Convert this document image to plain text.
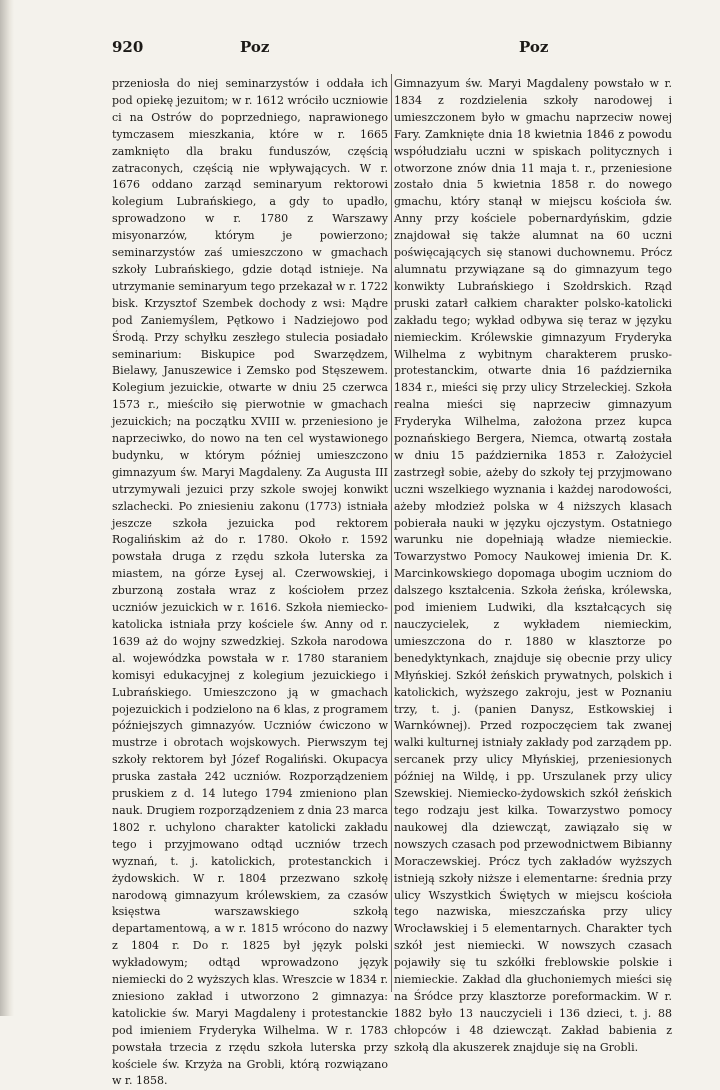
920	Poz	Poz

przeniosła do niej seminarzystów i oddała ich pod opiekę jezuitom; w r. 1612 wróciło uczniowie ci na Ostrów do poprzedniego, naprawionego tymczasem mieszkania, które w r. 1665 zamknięto dla braku funduszów, częścią zatraconych, częścią nie wpływających. W r. 1676 oddano zarząd seminaryum rektorowi kolegium Lubrańskiego, a gdy to upadło, sprowadzono w r. 1780 z Warszawy misyonarzów, którym je powierzono; seminarzystów zaś umieszczono w gmachach szkoły Lubrańskiego, gdzie dotąd istnieje. Na utrzymanie seminaryum tego przekazał w r. 1722 bisk. Krzysztof Szembek dochody z wsi: Mądre pod Zaniemyślem, Pętkowo i Nadziejowo pod Środą. Przy schyłku zeszłego stulecia posiadało seminarium: Biskupice pod Swarzędzem, Bielawy, Januszewice i Zemsko pod Stęszewem. Kolegium jezuickie, otwarte w dniu 25 czerwca 1573 r., mieściło się pierwotnie w gmachach jezuickich; na początku XVIII w. przeniesiono je naprzeciwko, do nowo na ten cel wystawionego budynku, w którym później umieszczono gimnazyum św. Maryi Magdaleny. Za Augusta III utrzymywali jezuici przy szkole swojej konwikt szlachecki. Po zniesieniu zakonu (1773) istniała jeszcze szkoła jezuicka pod rektorem Rogalińskim aż do r. 1780. Około r. 1592 powstała druga z rzędu szkoła luterska za miastem, na górze Łysej al. Czerwowskiej, i zburzoną została wraz z kościołem przez uczniów jezuickich w r. 1616. Szkoła niemiecko-katolicka istniała przy kościele św. Anny od r. 1639 aż do wojny szwedzkiej. Szkoła narodowa al. wojewódzka powstała w r. 1780 staraniem komisyi edukacyjnej z kolegium jezuickiego i Lubrańskiego. Umieszczono ją w gmachach pojezuickich i podzielono na 6 klas, z programem późniejszych gimnazyów. Uczniów ćwiczono w mustrze i obrotach wojskowych. Pierwszym tej szkoły rektorem był Józef Rogaliński. Okupacya pruska zastała 242 uczniów. Rozporządzeniem pruskiem z d. 14 lutego 1794 zmieniono plan nauk. Drugiem rozporządzeniem z dnia 23 marca 1802 r. uchylono charakter katolicki zakładu tego i przyjmowano odtąd uczniów trzech wyznań, t. j. katolickich, protestanckich i żydowskich. W r. 1804 przezwano szkołę narodową gimnazyum królewskiem, za czasów księstwa warszawskiego szkołą departamentową, a w r. 1815 wrócono do nazwy z 1804 r. Do r. 1825 był język polski wykładowym; odtąd wprowadzono język niemiecki do 2 wyższych klas. Wreszcie w 1834 r. zniesiono zakład i utworzono 2 gimnazya: katolickie św. Maryi Magdaleny i protestanckie pod imieniem Fryderyka Wilhelma. W r. 1783 powstała trzecia z rzędu szkoła luterska przy kościele św. Krzyża na Grobli, którą rozwiązano w r. 1858.

Gimnazyum św. Maryi Magdaleny powstało w r. 1834 z rozdzielenia szkoły narodowej i umieszczonem było w gmachu naprzeciw nowej Fary. Zamknięte dnia 18 kwietnia 1846 z powodu współudziału uczni w spiskach politycznych i otworzone znów dnia 11 maja t. r., przeniesione zostało dnia 5 kwietnia 1858 r. do nowego gmachu, który stanął w miejscu kościoła św. Anny przy kościele pobernardyńskim, gdzie znajdował się także alumnat na 60 uczni poświęcających się stanowi duchownemu. Prócz alumnatu przywiązane są do gimnazyum tego konwikty Lubrańskiego i Szołdrskich. Rząd pruski zatarł całkiem charakter polsko-katolicki zakładu tego; wykład odbywa się teraz w języku niemieckim. Królewskie gimnazyum Fryderyka Wilhelma z wybitnym charakterem prusko-protestanckim, otwarte dnia 16 października 1834 r., mieści się przy ulicy Strzeleckiej. Szkoła realna mieści się naprzeciw gimnazyum Fryderyka Wilhelma, założona przez kupca poznańskiego Bergera, Niemca, otwartą została w dniu 15 października 1853 r. Założyciel zastrzegł sobie, ażeby do szkoły tej przyjmowano uczni wszelkiego wyznania i każdej narodowości, ażeby młodzież polska w 4 niższych klasach pobierała nauki w języku ojczystym. Ostatniego warunku nie dopełniają władze niemieckie. Towarzystwo Pomocy Naukowej imienia Dr. K. Marcinkowskiego dopomaga ubogim uczniom do dalszego kształcenia. Szkoła żeńska, królewska, pod imieniem Ludwiki, dla kształcących się nauczycielek, z wykładem niemieckim, umieszczona do r. 1880 w klasztorze po benedyktynkach, znajduje się obecnie przy ulicy Młyńskiej. Szkół żeńskich prywatnych, polskich i katolickich, wyższego zakroju, jest w Poznaniu trzy, t. j. (panien Danysz, Estkowskiej i Warnkównej). Przed rozpoczęciem tak zwanej walki kulturnej istniały zakłady pod zarządem pp. sercanek przy ulicy Młyńskiej, przeniesionych później na Wildę, i pp. Urszulanek przy ulicy Szewskiej. Niemiecko-żydowskich szkół żeńskich tego rodzaju jest kilka. Towarzystwo pomocy naukowej dla dziewcząt, zawiązało się w nowszych czasach pod przewodnictwem Bibianny Moraczewskiej. Prócz tych zakładów wyższych istnieją szkoły niższe i elementarne: średnia przy ulicy Wszystkich Świętych w miejscu kościoła tego nazwiska, mieszczańska przy ulicy Wrocławskiej i 5 elementarnych. Charakter tych szkół jest niemiecki. W nowszych czasach pojawiły się tu szkółki freblowskie polskie i niemieckie. Zakład dla głuchoniemych mieści się na Śródce przy klasztorze poreformackim. W r. 1882 było 13 nauczycieli i 136 dzieci, t. j. 88 chłopców i 48 dziewcząt. Zakład babienia z szkołą dla akuszerek znajduje się na Grobli.
